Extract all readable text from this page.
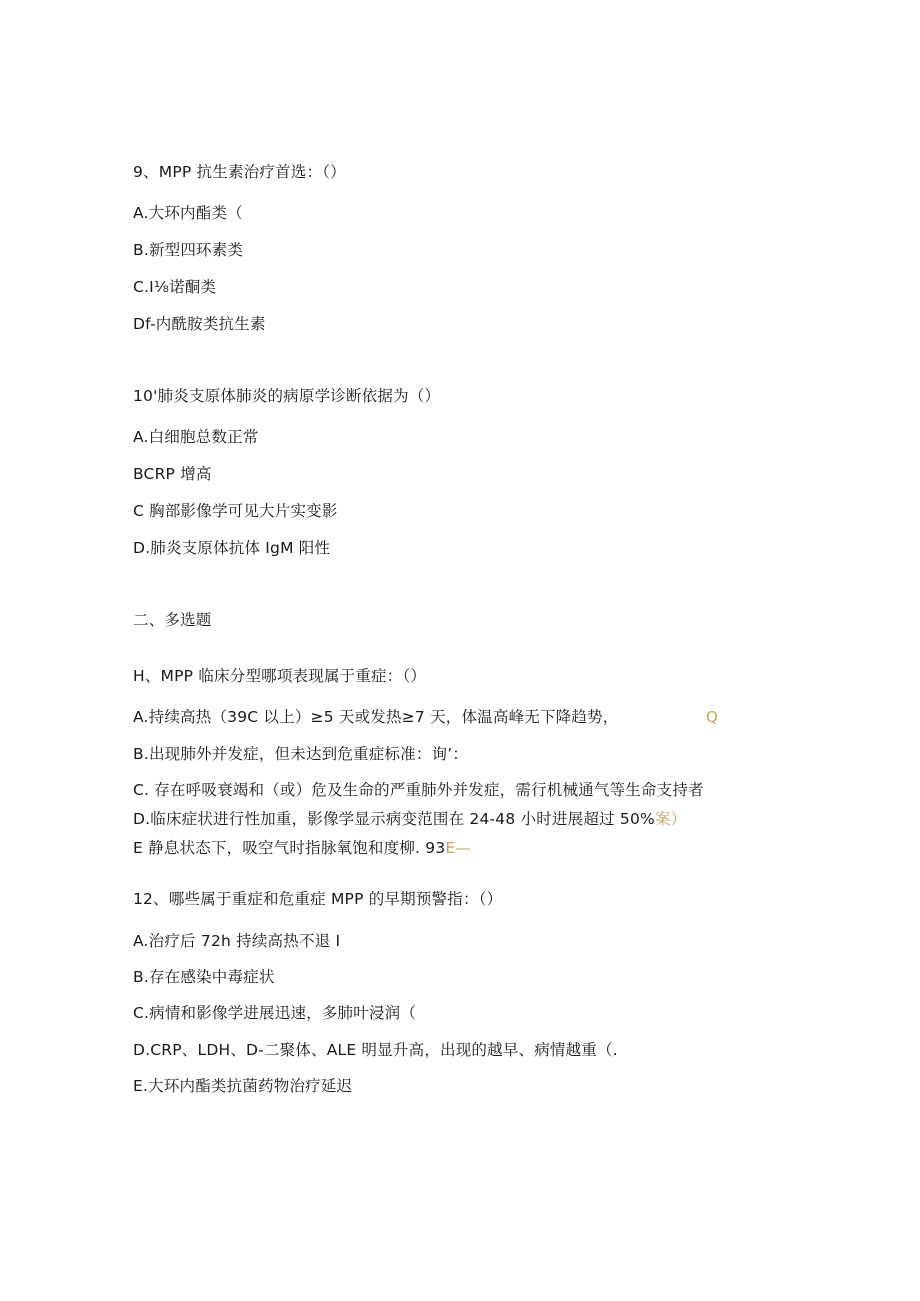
9、MPP 抗生素治疗首选：（）
A.大环内酯类（
B.新型四环素类
C.I⅛诺酮类
Df-内酰胺类抗生素
10'肺炎支原体肺炎的病原学诊断依据为（）
A.白细胞总数正常
BCRP 增高
C 胸部影像学可见大片实变影
D.肺炎支原体抗体 IgM 阳性
二、多选题
H、MPP 临床分型哪项表现属于重症：（）
A.持续高热（39C 以上）≥5 天或发热≥7 天，体温高峰无下降趋势，	Q
B.出现肺外并发症，但未达到危重症标准：询’：
C. 存在呼吸衰竭和（或）危及生命的严重肺外并发症，需行机械通气等生命支持者
D.临床症状进行性加重，影像学显示病变范围在 24-48 小时进展超过 50%案）
E 静息状态下，吸空气时指脉氧饱和度柳. 93E—
12、哪些属于重症和危重症 MPP 的早期预警指：（）
A.治疗后 72h 持续高热不退 I
B.存在感染中毒症状
C.病情和影像学进展迅速，多肺叶浸润（
D.CRP、LDH、D-二聚体、ALE 明显升高，出现的越早、病情越重（.
E.大环内酯类抗菌药物治疗延迟
